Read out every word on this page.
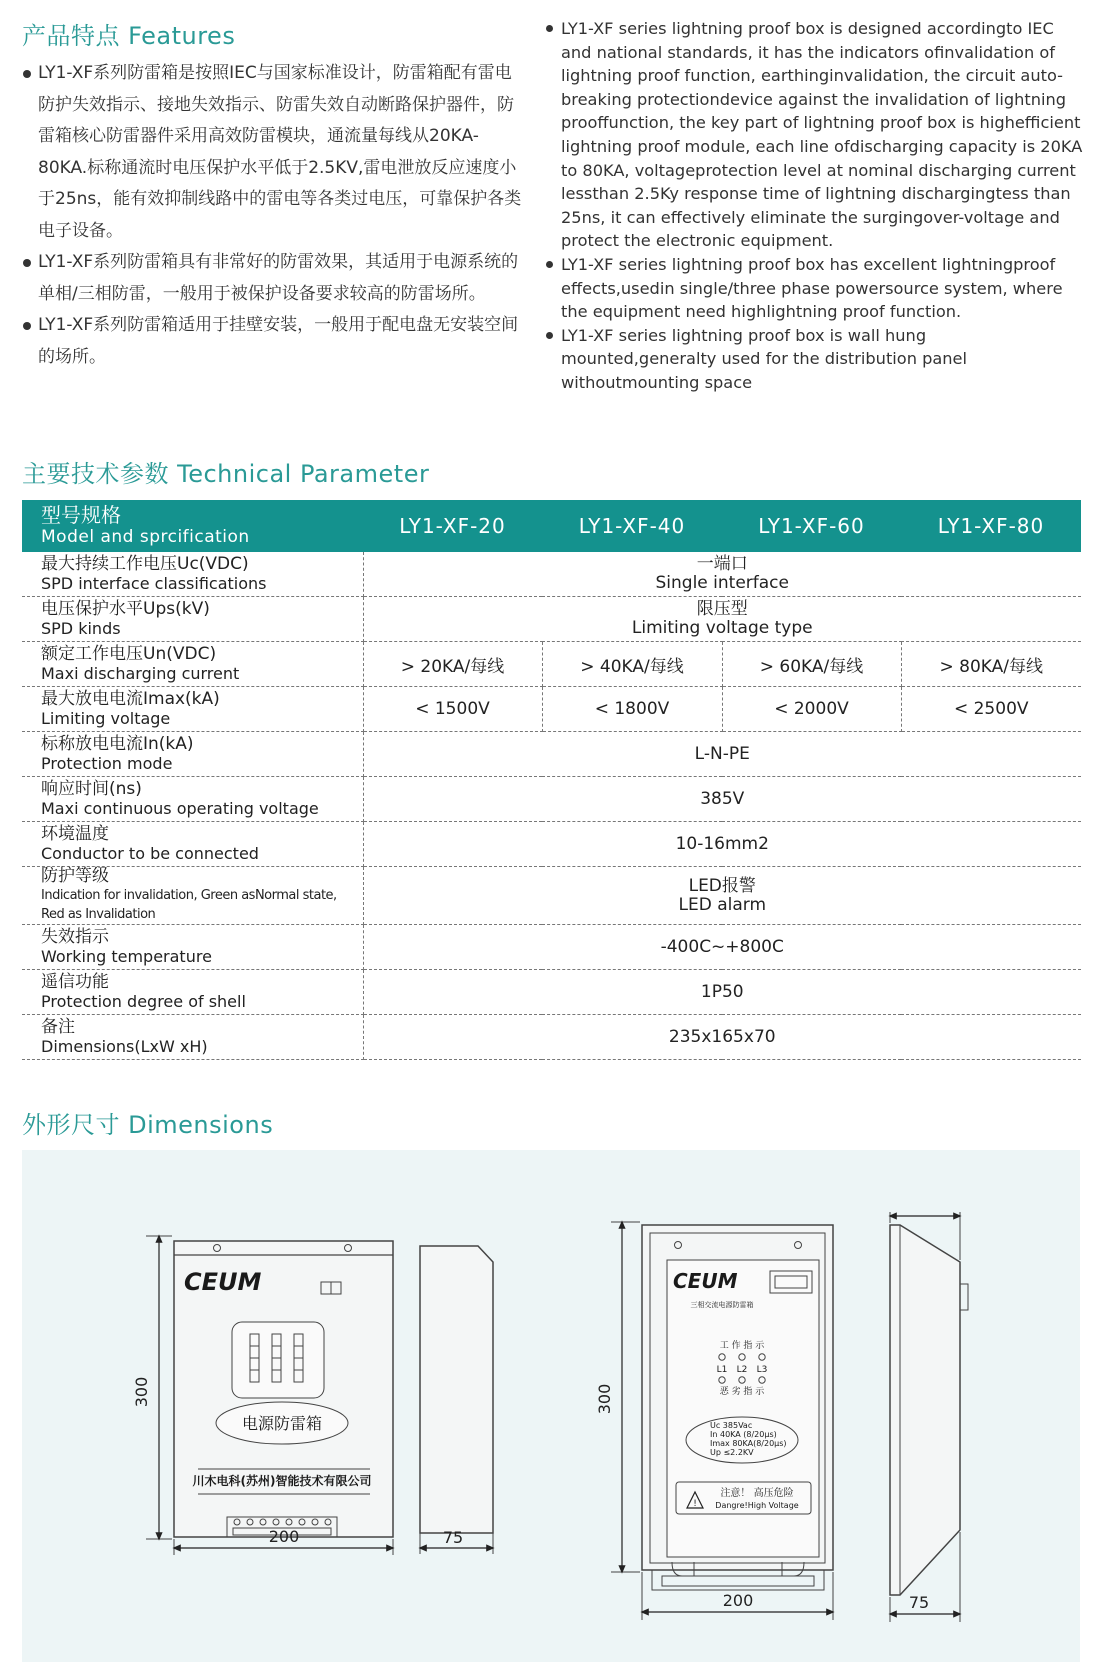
产品特点 Features

LY1-XF系列防雷箱是按照IEC与国家标准设计，防雷箱配有雷电防护失效指示、接地失效指示、防雷失效自动断路保护器件，防雷箱核心防雷器件采用高效防雷模块，通流量每线从20KA-80KA.标称通流时电压保护水平低于2.5KV,雷电泄放反应速度小于25ns，能有效抑制线路中的雷电等各类过电压，可靠保护各类电子设备。

LY1-XF系列防雷箱具有非常好的防雷效果，其适用于电源系统的单相/三相防雷，一般用于被保护设备要求较高的防雷场所。

LY1-XF系列防雷箱适用于挂壁安装，一般用于配电盘无安装空间的场所。

LY1-XF series lightning proof box is designed accordingto IEC and national standards, it has the indicators ofinvalidation of lightning proof function, earthinginvalidation, the circuit auto-breaking protectiondevice against the invalidation of lightning prooffunction, the key part of lightning proof box is highefficient lightning proof module, each line ofdischarging capacity is 20KA to 80KA, voltageprotection level at nominal discharging current lessthan 2.5Ky response time of lightning dischargingtess than 25ns, it can effectively eliminate the surgingover-voltage and protect the electronic equipment.

LY1-XF series lightning proof box has excellent lightningproof effects,usedin single/three phase powersource system, where the equipment need highlightning proof function.

LY1-XF series lightning proof box is wall hung mounted,generalty used for the distribution panel withoutmounting space

主要技术参数 Technical Parameter
型号规格
Model and sprcification	LY1-XF-20	LY1-XF-40	LY1-XF-60	LY1-XF-80

最大持续工作电压Uc(VDC)
SPD interface classifications	一端口
Single interface			

电压保护水平Ups(kV)
SPD kinds	限压型
Limiting voltage type			

额定工作电压Un(VDC)
Maxi discharging current	> 20KA/每线	> 40KA/每线	> 60KA/每线	> 80KA/每线

最大放电电流Imax(kA)
Limiting voltage	< 1500V	< 1800V	< 2000V	< 2500V

标称放电电流In(kA)
Protection mode	L-N-PE			

响应时间(ns)
Maxi continuous operating voltage	385V			

环境温度
Conductor to be connected	10-16mm2			

防护等级
Indication for invalidation, Green asNormal state, Red as Invalidation	LED报警
LED alarm			

失效指示
Working temperature	-400C~+800C			

遥信功能
Protection degree of shell	1P50			

备注
Dimensions(LxW xH)	235x165x70			
外形尺寸 Dimensions
CEUM
电源防雷箱
川木电科(苏州)智能技术有限公司
300
200	75
CEUM
三相交流电源防雷箱
工 作 指 示
L1 L2 L3
恶 劣 指 示
Uc 385Vac
In 40KA (8/20μs)
Imax 80KA(8/20μs)
Up ≤2.2KV
!
注意！ 高压危险
Dangre!High Voltage
300
200	75
